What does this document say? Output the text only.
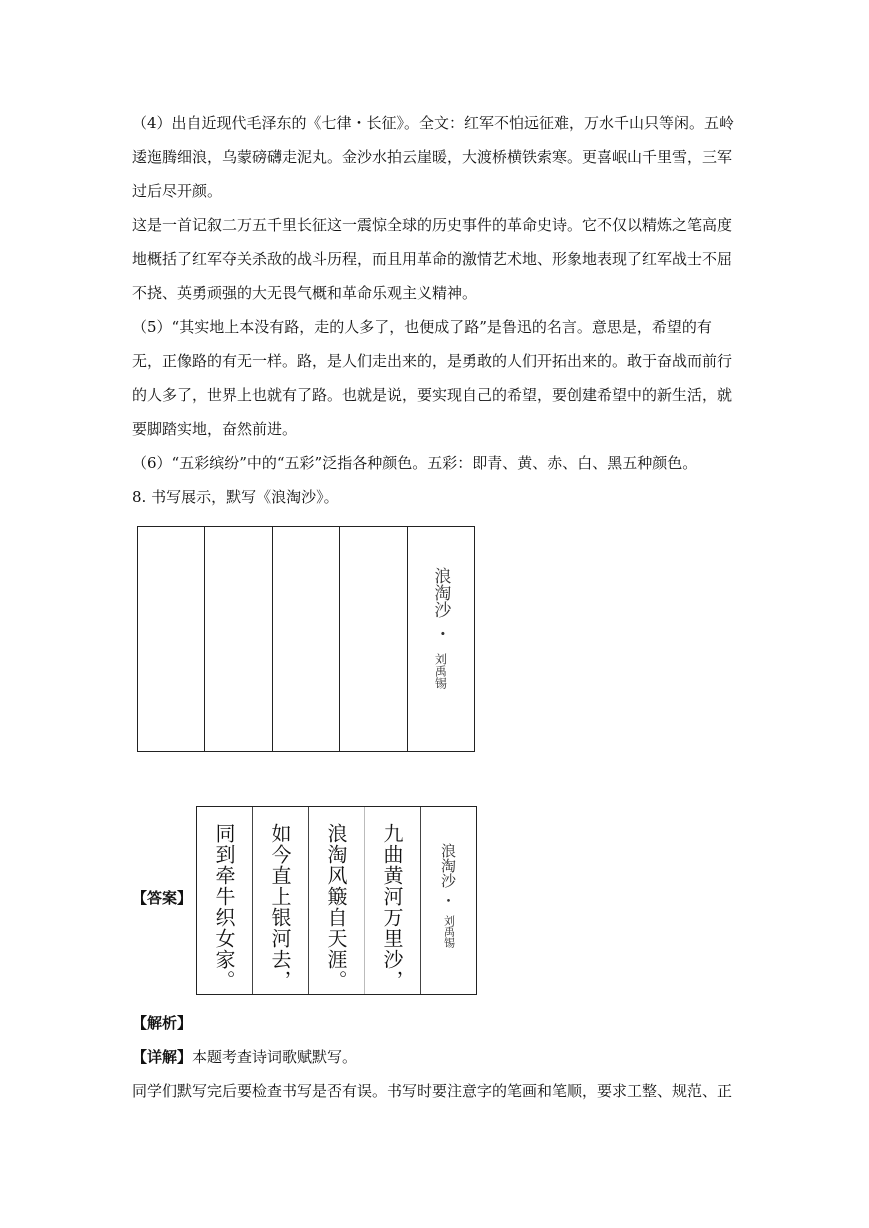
（4）出自近现代毛泽东的《七律・长征》。全文：红军不怕远征难，万水千山只等闲。五岭
逶迤腾细浪，乌蒙磅礴走泥丸。金沙水拍云崖暖，大渡桥横铁索寒。更喜岷山千里雪，三军
过后尽开颜。
这是一首记叙二万五千里长征这一震惊全球的历史事件的革命史诗。它不仅以精炼之笔高度
地概括了红军夺关杀敌的战斗历程，而且用革命的激情艺术地、形象地表现了红军战士不屈
不挠、英勇顽强的大无畏气概和革命乐观主义精神。
（5）“其实地上本没有路，走的人多了，也便成了路”是鲁迅的名言。意思是，希望的有
无，正像路的有无一样。路，是人们走出来的，是勇敢的人们开拓出来的。敢于奋战而前行
的人多了，世界上也就有了路。也就是说，要实现自己的希望，要创建希望中的新生活，就
要脚踏实地，奋然前进。
（6）“五彩缤纷”中的“五彩”泛指各种颜色。五彩：即青、黄、赤、白、黑五种颜色。
8. 书写展示，默写《浪淘沙》。
浪淘沙
・
刘禹锡
【答案】 同到牵牛织女家。 如今直上银河去， 浪淘风簸自天涯。 九曲黄河万里沙， 浪淘沙
・
刘禹锡
【解析】
【详解】本题考查诗词歌赋默写。
同学们默写完后要检查书写是否有误。书写时要注意字的笔画和笔顺，要求工整、规范、正
